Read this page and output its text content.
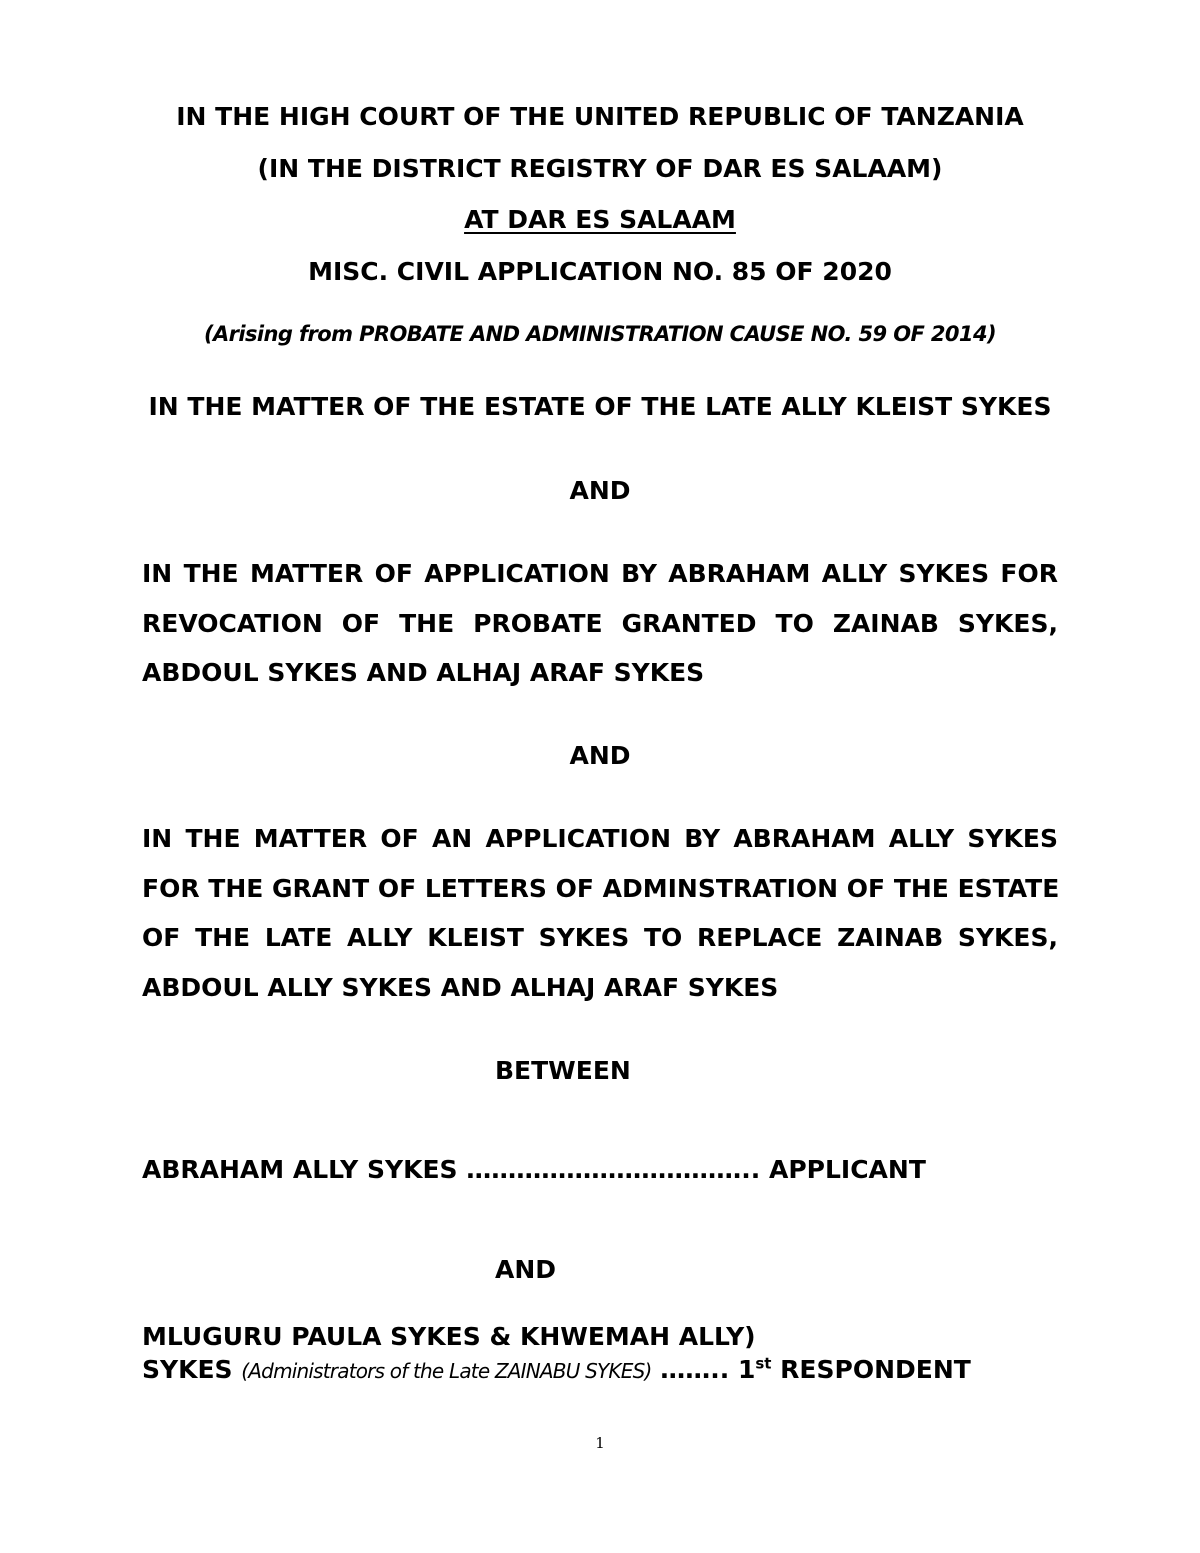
IN THE HIGH COURT OF THE UNITED REPUBLIC OF TANZANIA
(IN THE DISTRICT REGISTRY OF DAR ES SALAAM)
AT DAR ES SALAAM
MISC. CIVIL APPLICATION NO. 85 OF 2020
(Arising from PROBATE AND ADMINISTRATION CAUSE NO. 59 OF 2014)
IN THE MATTER OF THE ESTATE OF THE LATE ALLY KLEIST SYKES
AND
IN THE MATTER OF APPLICATION BY ABRAHAM ALLY SYKES FOR
REVOCATION OF THE PROBATE GRANTED TO ZAINAB SYKES,
ABDOUL SYKES AND ALHAJ ARAF SYKES
AND
IN THE MATTER OF AN APPLICATION BY ABRAHAM ALLY SYKES
FOR THE GRANT OF LETTERS OF ADMINSTRATION OF THE ESTATE
OF THE LATE ALLY KLEIST SYKES TO REPLACE ZAINAB SYKES,
ABDOUL ALLY SYKES AND ALHAJ ARAF SYKES
BETWEEN
ABRAHAM ALLY SYKES …………………………….. APPLICANT
AND
MLUGURU PAULA SYKES & KHWEMAH ALLY)
SYKES (Administrators of the Late ZAINABU SYKES) …….. 1st RESPONDENT
1
